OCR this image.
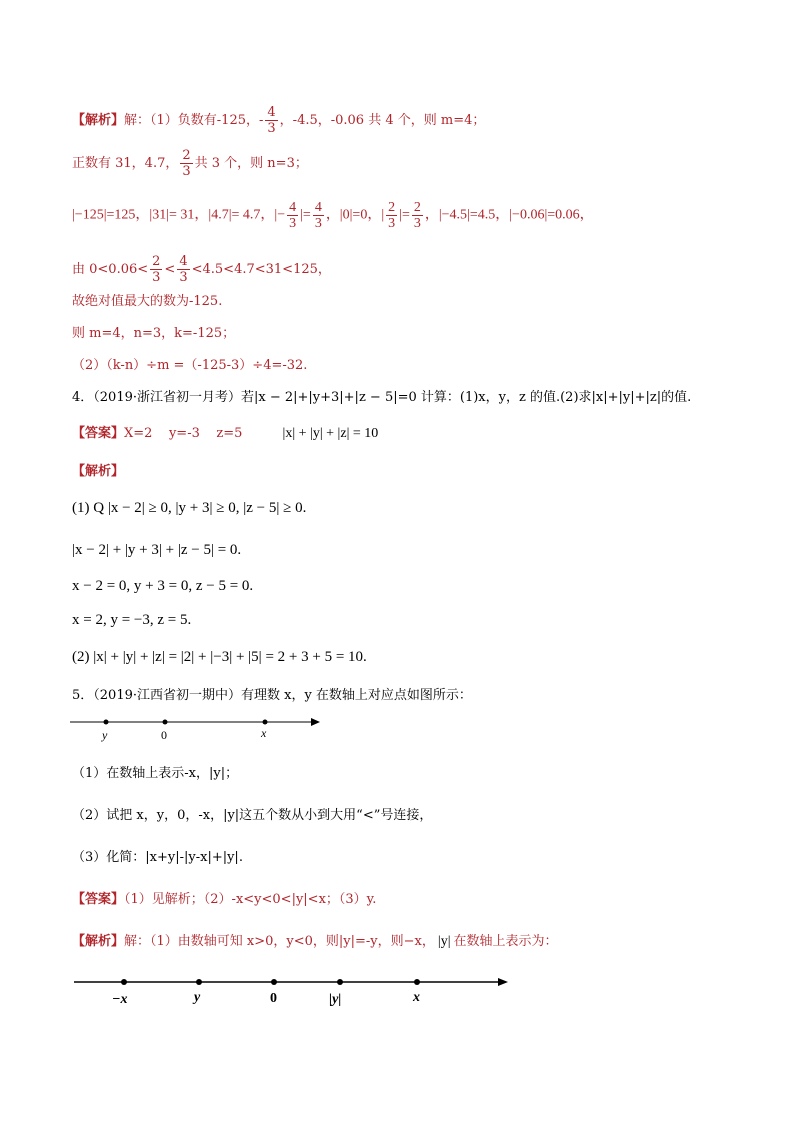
【解析】解：（1）负数有-125，- $\frac{4}{3}$ ，-4.5，-0.06 共 4 个，则 m=4；
正数有 31，4.7， $\frac{2}{3}$ 共 3 个，则 n=3；
|−125|=125，|31|= 31，|4.7|= 4.7，|− $\frac{4}{3}$ |= $\frac{4}{3}$ ，|0|=0，| $\frac{2}{3}$ |= $\frac{2}{3}$ ，|−4.5|=4.5，|−0.06|=0.06，
由 $0<0.06< \frac{2}{3} < \frac{4}{3} <4.5<4.7<31<125$，
故绝对值最大的数为-125.
则 m=4，n=3，k=-125；
（2）（k-n）÷m =（-125-3）÷4=-32.
4．（2019·浙江省初一月考）若|x − 2|+|y+3|+|z − 5|=0 计算：(1)x，y，z 的值.(2)求|x|+|y|+|z|的值.
【答案】X=2    y=-3    z=5	|x| + |y| + |z| = 10
【解析】
(1) Q |x − 2| ≥ 0, |y + 3| ≥ 0, |z − 5| ≥ 0.
|x − 2| + |y + 3| + |z − 5| = 0.
x − 2 = 0, y + 3 = 0, z − 5 = 0.
x = 2, y = −3, z = 5.
(2) |x| + |y| + |z| = |2| + |−3| + |5| = 2 + 3 + 5 = 10.
5．（2019·江西省初一期中）有理数 x，y 在数轴上对应点如图所示：
y	0	x
（1）在数轴上表示-x，|y|；
（2）试把 x，y，0，-x，|y|这五个数从小到大用“<”号连接，
（3）化简：|x+y|-|y-x|+|y|.
【答案】（1）见解析；（2）-x<y<0<|y|<x；（3）y.
【解析】解：（1）由数轴可知 x>0，y<0，则|y|=-y，则−x， |y| 在数轴上表示为：
−x	y	0	|y|	x
